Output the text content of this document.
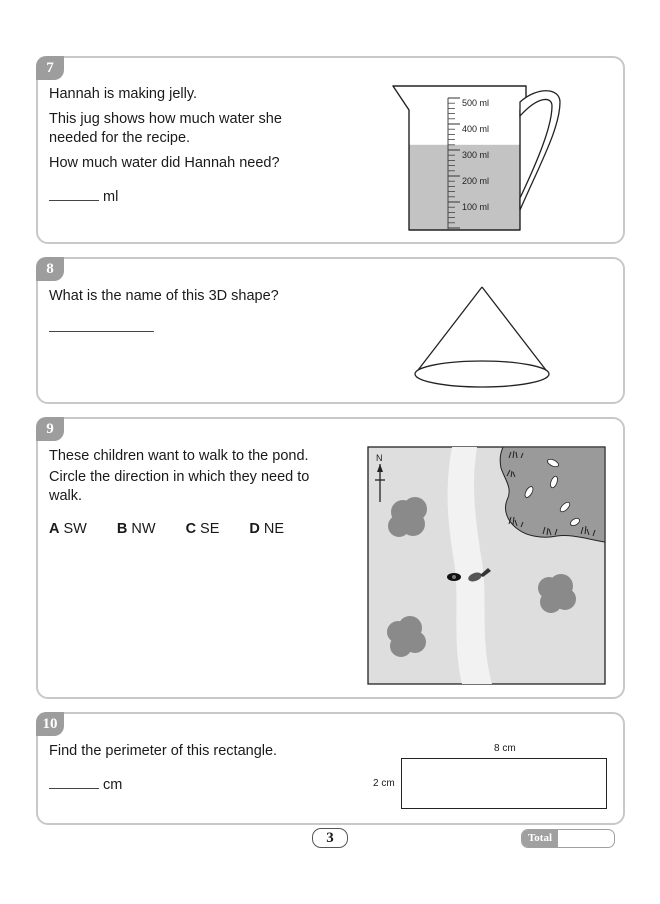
7

Hannah is making jelly.

This jug shows how much water she needed for the recipe.

How much water did Hannah need?

ml
500 ml
400 ml
300 ml
200 ml
100 ml
8

What is the name of this 3D shape?

9

These children want to walk to the pond.

Circle the direction in which they need to walk.

A SW B NW C SE D NE
N
10

Find the perimeter of this rectangle.

cm
8 cm
2 cm
3	Total
